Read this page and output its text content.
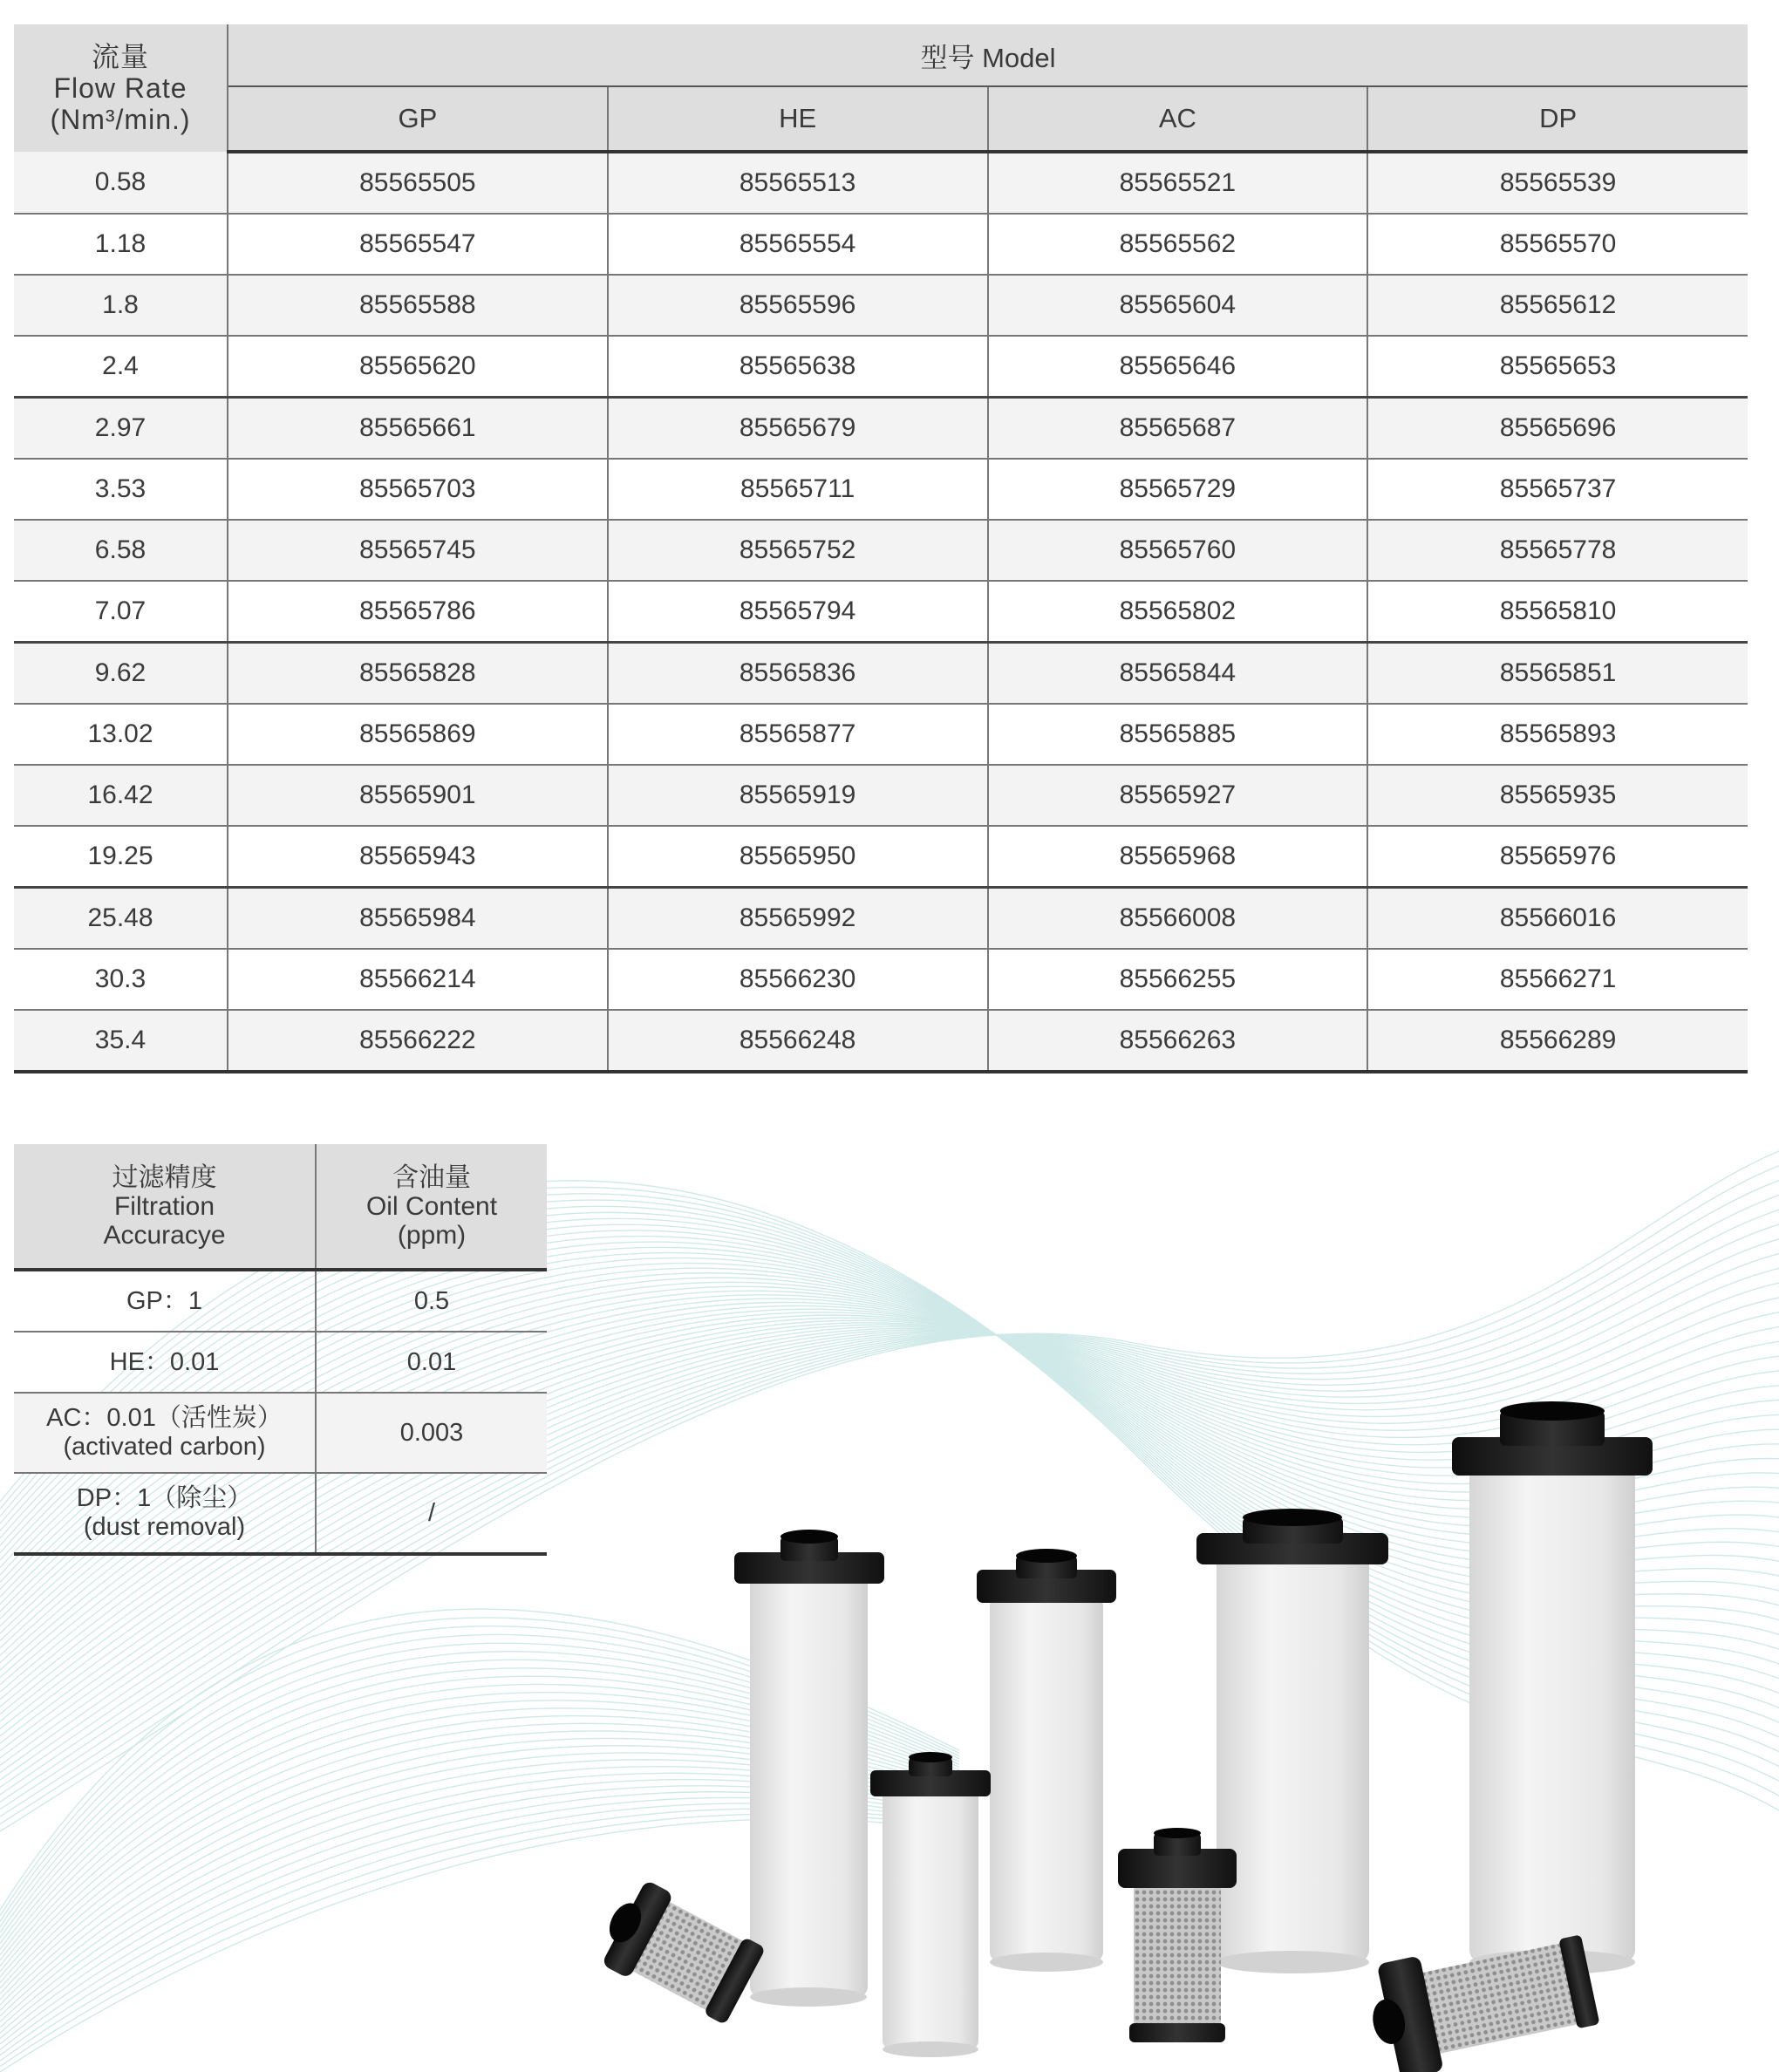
流量
Flow Rate
(Nm³/min.)	型号 Model			
	GP	HE	AC	DP
0.58	85565505	85565513	85565521	85565539
1.18	85565547	85565554	85565562	85565570
1.8	85565588	85565596	85565604	85565612
2.4	85565620	85565638	85565646	85565653
2.97	85565661	85565679	85565687	85565696
3.53	85565703	85565711	85565729	85565737
6.58	85565745	85565752	85565760	85565778
7.07	85565786	85565794	85565802	85565810
9.62	85565828	85565836	85565844	85565851
13.02	85565869	85565877	85565885	85565893
16.42	85565901	85565919	85565927	85565935
19.25	85565943	85565950	85565968	85565976
25.48	85565984	85565992	85566008	85566016
30.3	85566214	85566230	85566255	85566271
35.4	85566222	85566248	85566263	85566289
过滤精度
Filtration
Accuracye	含油量
Oil Content
(ppm)

GP：1	0.5

HE：0.01	0.01

AC：0.01（活性炭）
(activated carbon)	0.003

DP：1（除尘）
(dust removal)	/
